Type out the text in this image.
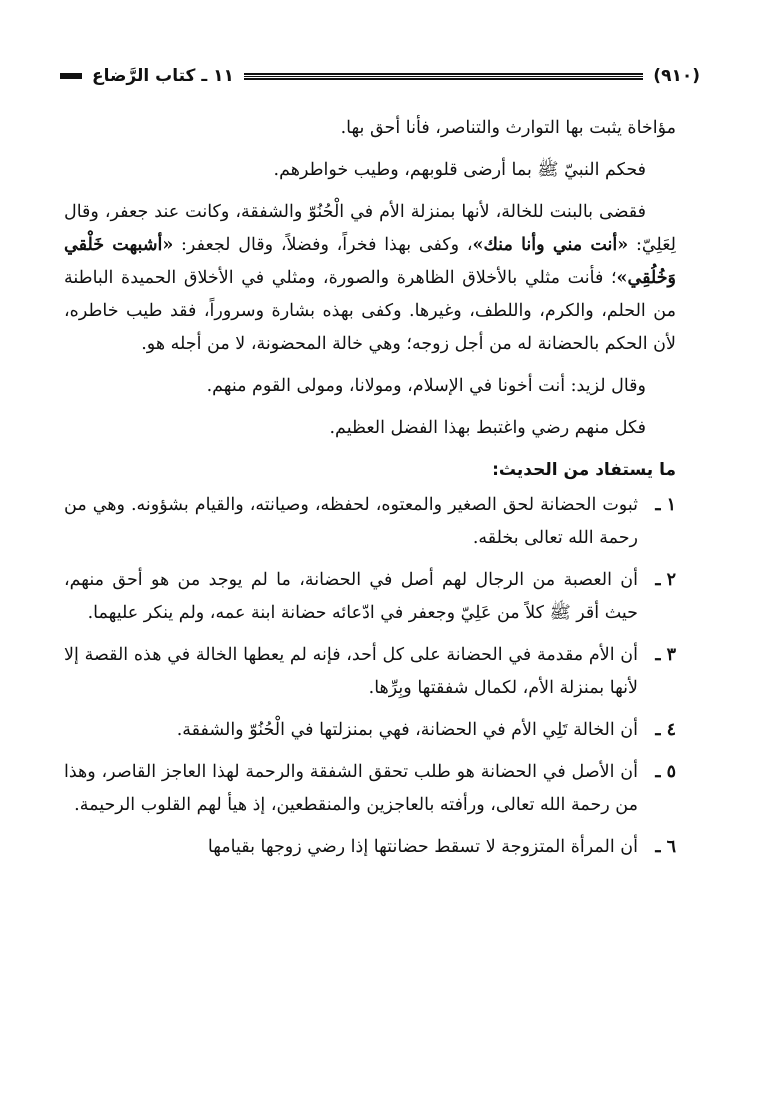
(٩١٠)
١١ ـ كتاب الرَّضاع

مؤاخاة يثبت بها التوارث والتناصر، فأنا أحق بها.

فحكم النبيّ ﷺ بما أرضى قلوبهم، وطيب خواطرهم.

فقضى بالبنت للخالة، لأنها بمنزلة الأم في الْحُنُوّ والشفقة، وكانت عند جعفر، وقال لِعَلِيّ: «أنت مني وأنا منك»، وكفى بهذا فخراً، وفضلاً، وقال لجعفر: «أشبهت خَلْقي وَخُلُقِي»؛ فأنت مثلي بالأخلاق الظاهرة والصورة، ومثلي في الأخلاق الحميدة الباطنة من الحلم، والكرم، واللطف، وغيرها. وكفى بهذه بشارة وسروراً، فقد طيب خاطره، لأن الحكم بالحضانة له من أجل زوجه؛ وهي خالة المحضونة، لا من أجله هو.

وقال لزيد: أنت أخونا في الإسلام، ومولانا، ومولى القوم منهم.

فكل منهم رضي واغتبط بهذا الفضل العظيم.

ما يستفاد من الحديث:

١ ـ
ثبوت الحضانة لحق الصغير والمعتوه، لحفظه، وصيانته، والقيام بشؤونه. وهي من رحمة الله تعالى بخلقه.
٢ ـ
أن العصبة من الرجال لهم أصل في الحضانة، ما لم يوجد من هو أحق منهم، حيث أقر ﷺ كلاً من عَلِيّ وجعفر في ادّعائه حضانة ابنة عمه، ولم ينكر عليهما.
٣ ـ
أن الأم مقدمة في الحضانة على كل أحد، فإنه لم يعطها الخالة في هذه القصة إلا لأنها بمنزلة الأم، لكمال شفقتها وبِرِّها.
٤ ـ
أن الخالة تَلِي الأم في الحضانة، فهي بمنزلتها في الْحُنُوّ والشفقة.
٥ ـ
أن الأصل في الحضانة هو طلب تحقق الشفقة والرحمة لهذا العاجز القاصر، وهذا من رحمة الله تعالى، ورأفته بالعاجزين والمنقطعين، إذ هيأ لهم القلوب الرحيمة.
٦ ـ
أن المرأة المتزوجة لا تسقط حضانتها إذا رضي زوجها بقيامها
